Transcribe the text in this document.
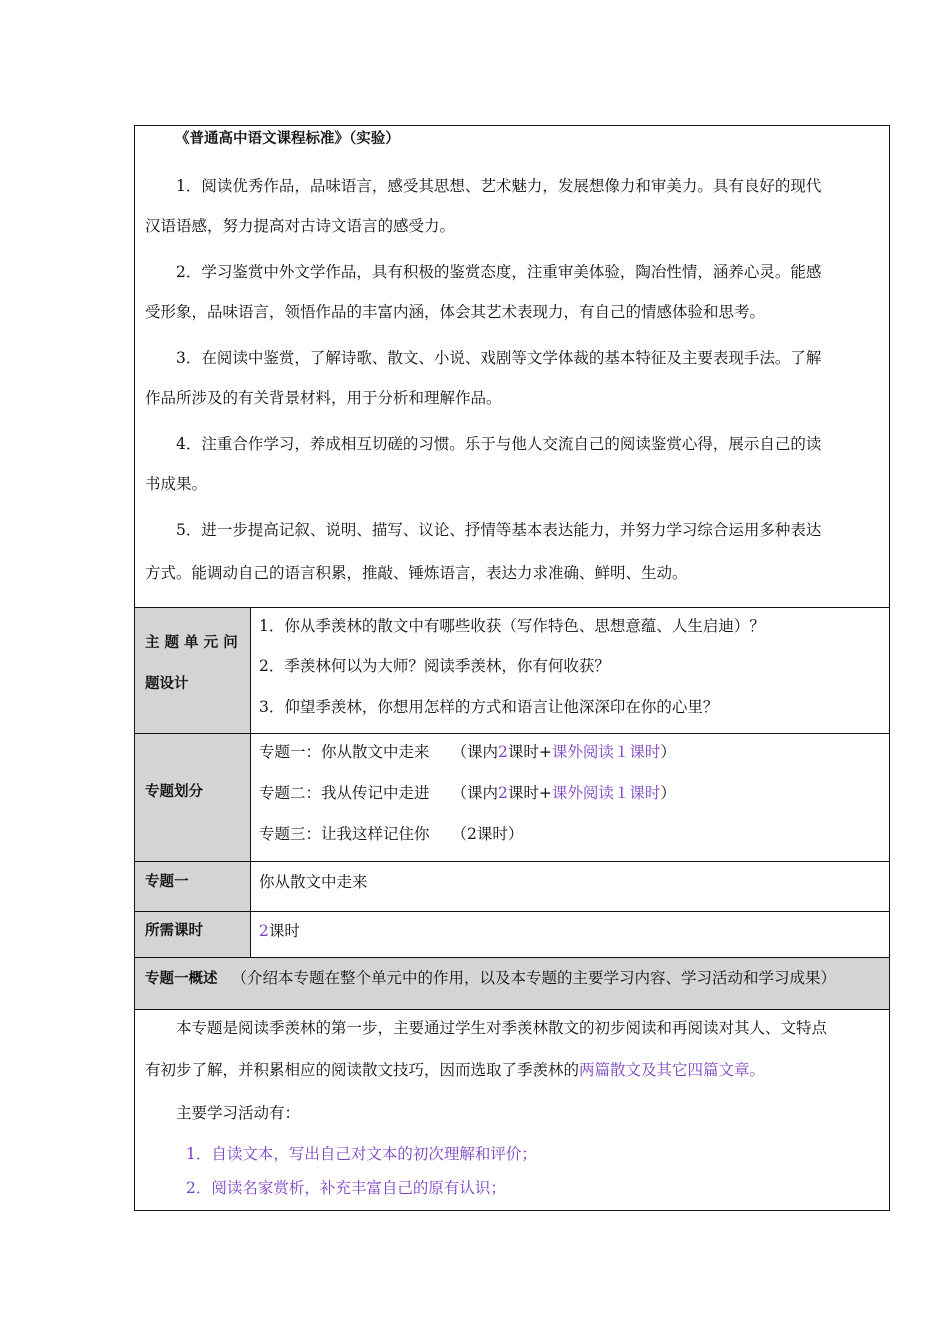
《普通高中语文课程标准》（实验）
1．阅读优秀作品，品味语言，感受其思想、艺术魅力，发展想像力和审美力。具有良好的现代
汉语语感，努力提高对古诗文语言的感受力。
2．学习鉴赏中外文学作品，具有积极的鉴赏态度，注重审美体验，陶冶性情，涵养心灵。能感
受形象，品味语言，领悟作品的丰富内涵，体会其艺术表现力，有自己的情感体验和思考。
3．在阅读中鉴赏，了解诗歌、散文、小说、戏剧等文学体裁的基本特征及主要表现手法。了解
作品所涉及的有关背景材料，用于分析和理解作品。
4．注重合作学习，养成相互切磋的习惯。乐于与他人交流自己的阅读鉴赏心得，展示自己的读
书成果。
5．进一步提高记叙、说明、描写、议论、抒情等基本表达能力，并努力学习综合运用多种表达
方式。能调动自己的语言积累，推敲、锤炼语言，表达力求准确、鲜明、生动。
主 题 单 元 问
题设计
1．你从季羡林的散文中有哪些收获（写作特色、思想意蕴、人生启迪）？
2．季羡林何以为大师？阅读季羡林，你有何收获？
3．仰望季羡林，你想用怎样的方式和语言让他深深印在你的心里？
专题划分
专题一：你从散文中走来 （课内2课时+课外阅读１课时）
专题二：我从传记中走进 （课内2课时+课外阅读１课时）
专题三：让我这样记住你 （2课时）
专题一	你从散文中走来
所需课时	2课时
专题一概述 （介绍本专题在整个单元中的作用，以及本专题的主要学习内容、学习活动和学习成果）
本专题是阅读季羡林的第一步，主要通过学生对季羡林散文的初步阅读和再阅读对其人、文特点
有初步了解，并积累相应的阅读散文技巧，因而选取了季羡林的两篇散文及其它四篇文章。
主要学习活动有：
1．自读文本，写出自己对文本的初次理解和评价；
2．阅读名家赏析，补充丰富自己的原有认识；
